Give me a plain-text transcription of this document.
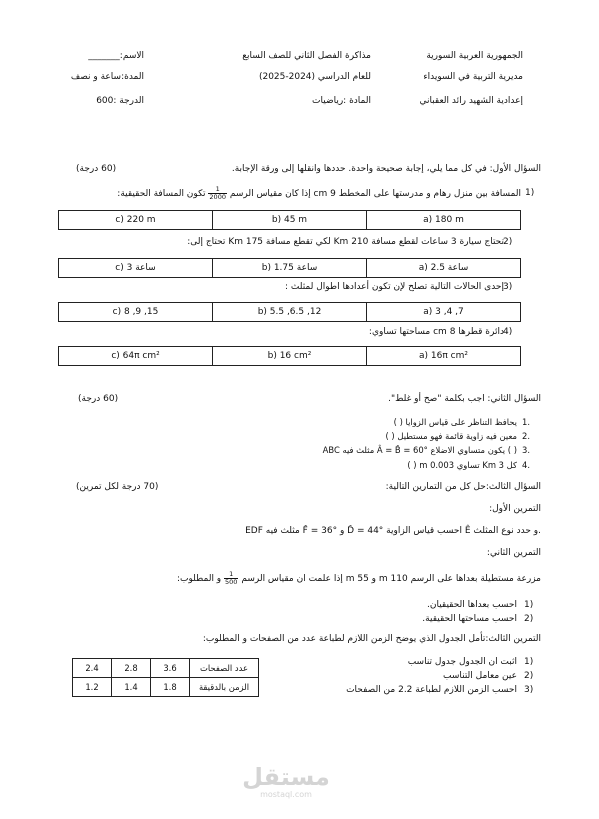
الجمهورية العربية السورية
مديرية التربية في السويداء
إعدادية الشهيد رائد العقباني
مذاكرة الفصل الثاني للصف السابع
للعام الدراسي (2024-2025)
المادة :رياضيات
الاسم:_______
المدة:ساعة و نصف
الدرجة :600
السؤال الأول: في كل مما يلي، إجابة صحيحة واحدة. حددها وانقلها إلى ورقة الإجابة.
(60 درجة)
المسافة بين منزل رهام و مدرستها على المخطط 9 cm إذا كان مقياس الرسم
$\frac{1}{2000}$
تكون المسافة الحقيقية:	1)
c) 220 m	b) 45 m	a) 180 m
تحتاج سيارة 3 ساعات لقطع مسافة 210 Km لكي تقطع مسافة 175 Km تحتاج إلى: 2)
c) 3 ساعة	b) 1.75 ساعة	a) 2.5 ساعة
إحدى الحالات التالية تصلح لإن تكون أعدادها اطوال لمثلث : 3)
c) 8 ,9 ,15	b) 5.5 ,6.5 ,12	a) 3 ,4 ,7
دائرة قطرها 8 cm مساحتها تساوي: 4)
c) 64π cm²	b) 16 cm²	a) 16π cm²
السؤال الثاني: اجب بكلمة "صح أو غلط".
(60 درجة)
يحافظ التناظر على قياس الزوايا ( ) 1.
معين فيه زاوية قائمة فهو مستطيل ( ) 2.
ABC مثلث فيه Â = B̂ = 60° يكون متساوي الاضلاع ( ) 3.
كل 3 Km تساوي 0.003 m ( ) 4.
السؤال الثالث:حل كل من التمارين التالية:
(70 درجة لكل تمرين)
التمرين الأول:
EDF مثلث فيه F̂ = 36° و D̂ = 44° احسب قياس الزاوية Ê و حدد نوع المثلث.
التمرين الثاني:
مزرعة مستطيلة بعداها على الرسم 110 m و 55 m إذا علمت ان مقياس الرسم
$\frac{1}{500}$
و المطلوب:
احسب بعداها الحقيقيان. 1)
احسب مساحتها الحقيقية. 2)
التمرين الثالث:تأمل الجدول الذي يوضح الزمن اللازم لطباعة عدد من الصفحات و المطلوب:
اثبت ان الجدول جدول تناسب 1)
عين معامل التناسب 2)
احسب الزمن اللازم لطباعة 2.2 من الصفحات 3)
2.4	2.8	3.6	عدد الصفحات
1.2	1.4	1.8	الزمن بالدقيقة
مستقل
mostaql.com
